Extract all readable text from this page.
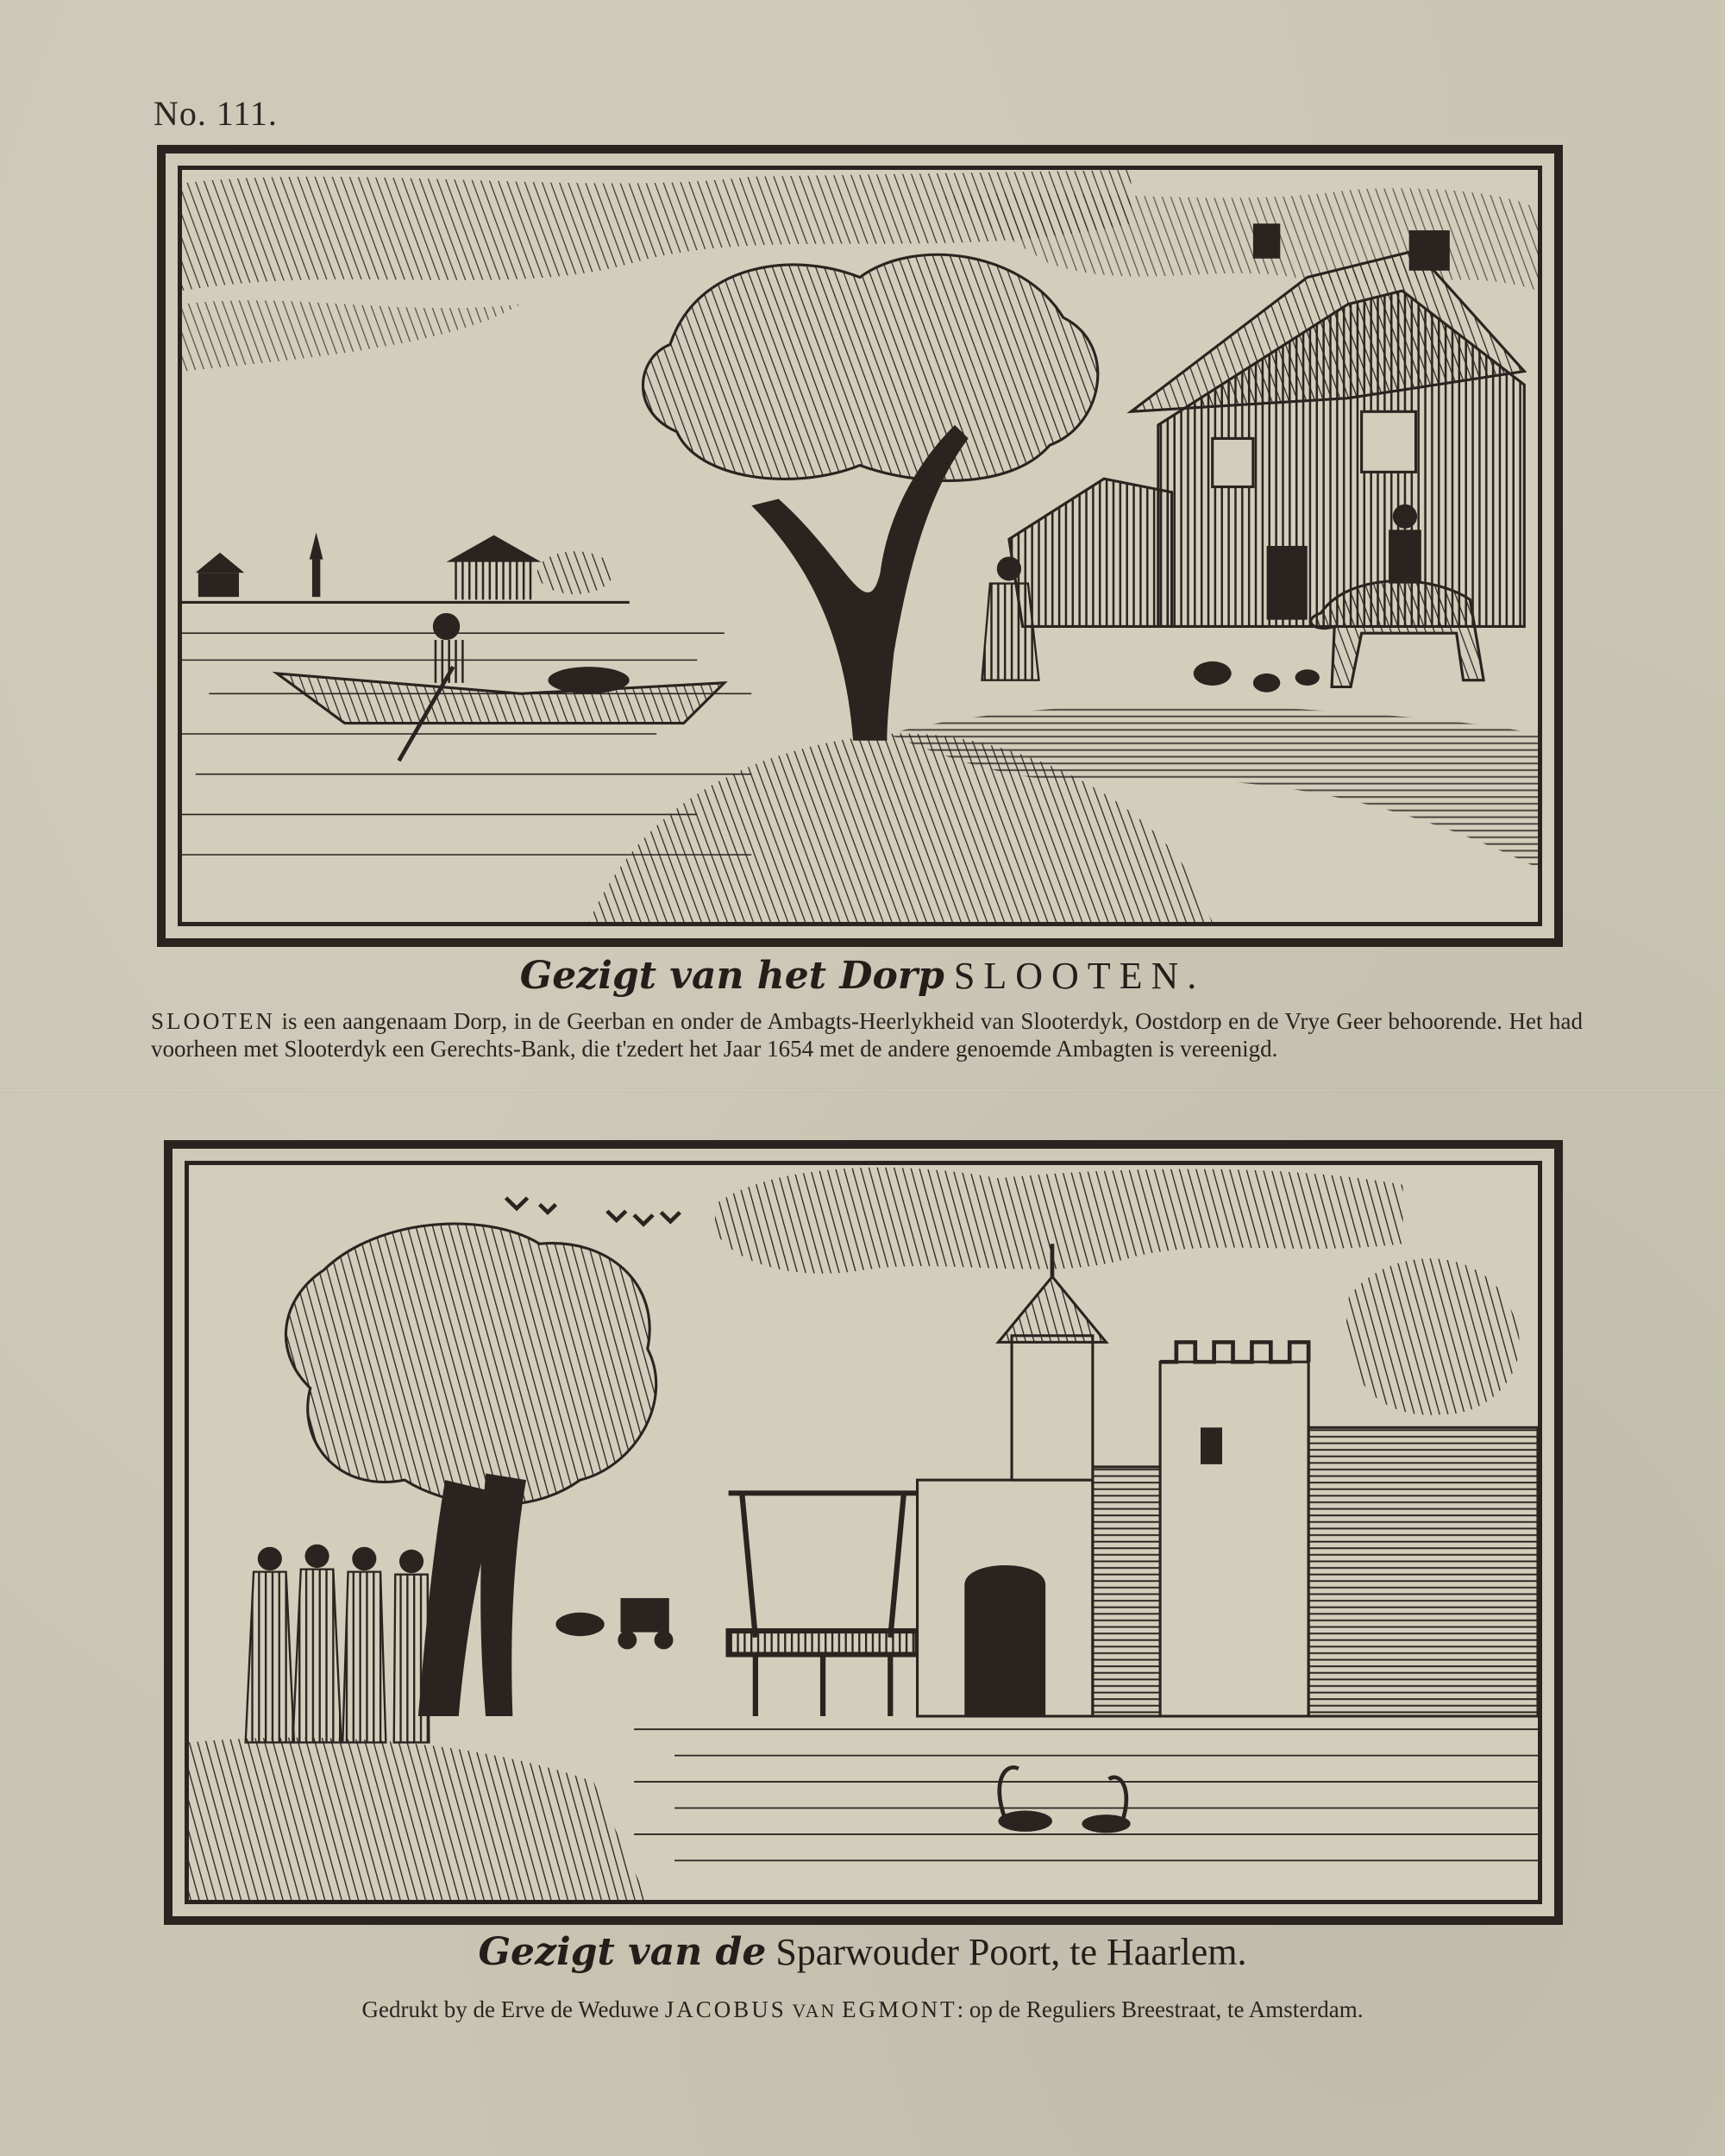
No. 111.
Gezigt van het Dorp SLOOTEN.
SLOOTEN is een aangenaam Dorp, in de Geerban en onder de Ambagts-Heerlykheid van Slooterdyk, Oostdorp en de Vrye Geer behoorende. Het had voorheen met Slooterdyk een Gerechts-Bank, die t'zedert het Jaar 1654 met de andere genoemde Ambagten is vereenigd.
Gezigt van de Sparwouder Poort, te Haarlem.
Gedrukt by de Erve de Weduwe JACOBUS VAN EGMONT: op de Reguliers Breestraat, te Amsterdam.
